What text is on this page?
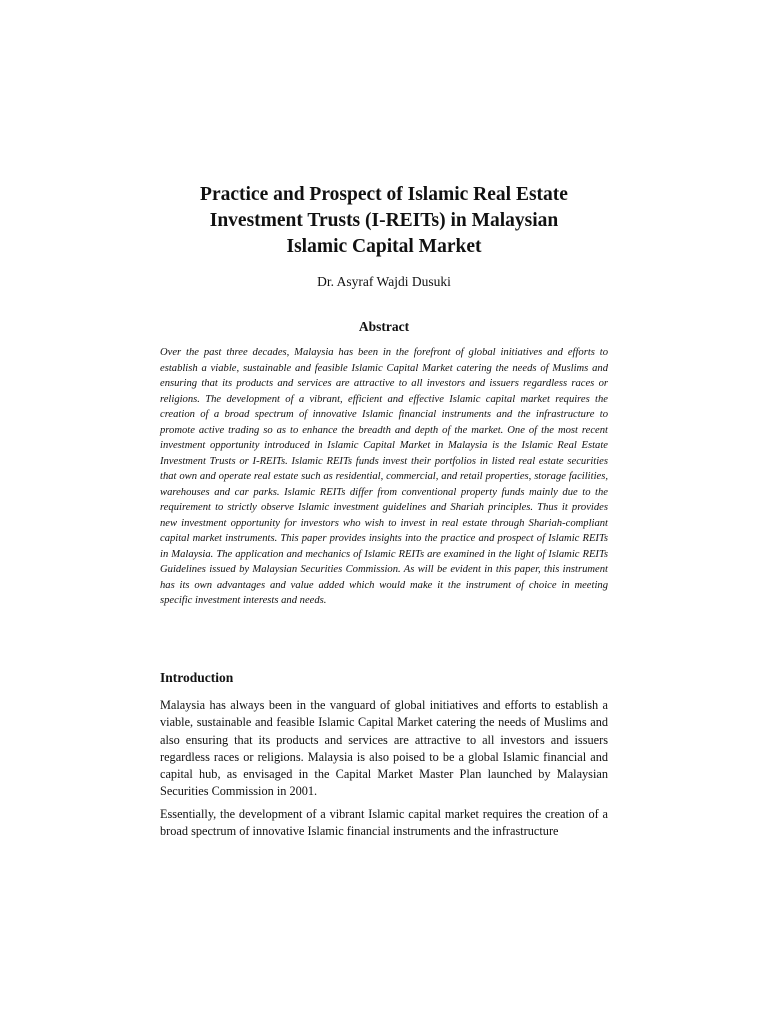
Practice and Prospect of Islamic Real Estate
Investment Trusts (I-REITs) in Malaysian
Islamic Capital Market

Dr. Asyraf Wajdi Dusuki

Abstract

Over the past three decades, Malaysia has been in the forefront of global initiatives and efforts to establish a viable, sustainable and feasible Islamic Capital Market catering the needs of Muslims and ensuring that its products and services are attractive to all investors and issuers regardless races or religions. The development of a vibrant, efficient and effective Islamic capital market requires the creation of a broad spectrum of innovative Islamic financial instruments and the infrastructure to promote active trading so as to enhance the breadth and depth of the market. One of the most recent investment opportunity introduced in Islamic Capital Market in Malaysia is the Islamic Real Estate Investment Trusts or I-REITs. Islamic REITs funds invest their portfolios in listed real estate securities that own and operate real estate such as residential, commercial, and retail properties, storage facilities, warehouses and car parks. Islamic REITs differ from conventional property funds mainly due to the requirement to strictly observe Islamic investment guidelines and Shariah principles. Thus it provides new investment opportunity for investors who wish to invest in real estate through Shariah-compliant capital market instruments. This paper provides insights into the practice and prospect of Islamic REITs in Malaysia. The application and mechanics of Islamic REITs are examined in the light of Islamic REITs Guidelines issued by Malaysian Securities Commission. As will be evident in this paper, this instrument has its own advantages and value added which would make it the instrument of choice in meeting specific investment interests and needs.

Introduction

Malaysia has always been in the vanguard of global initiatives and efforts to establish a viable, sustainable and feasible Islamic Capital Market catering the needs of Muslims and also ensuring that its products and services are attractive to all investors and issuers regardless races or religions. Malaysia is also poised to be a global Islamic financial and capital hub, as envisaged in the Capital Market Master Plan launched by Malaysian Securities Commission in 2001.

Essentially, the development of a vibrant Islamic capital market requires the creation of a broad spectrum of innovative Islamic financial instruments and the infrastructure
